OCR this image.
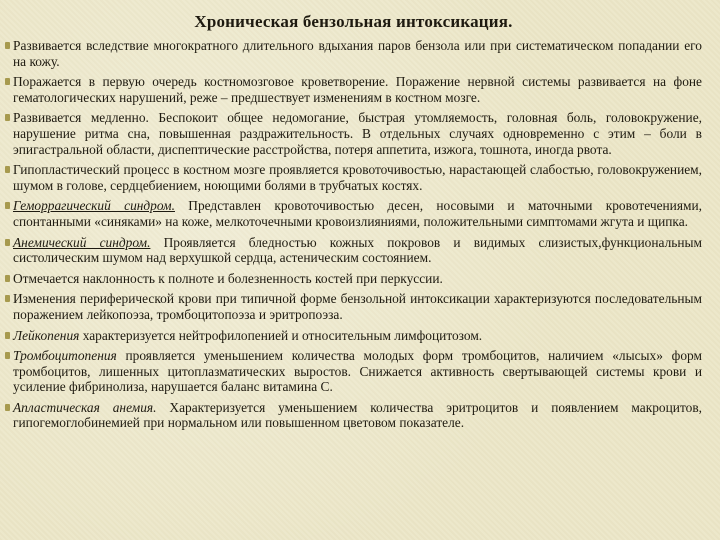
Хроническая бензольная интоксикация.
Развивается вследствие многократного длительного вдыхания паров бензола или при систематическом попадании его на кожу.
Поражается в первую очередь костномозговое кроветворение. Поражение нервной системы развивается на фоне гематологических нарушений, реже – предшествует изменениям в костном мозге.
Развивается медленно. Беспокоит общее недомогание, быстрая утомляемость, головная боль, головокружение, нарушение ритма сна, повышенная раздражительность. В отдельных случаях одновременно с этим – боли в эпигастральной области, диспептические расстройства, потеря аппетита, изжога, тошнота, иногда рвота.
Гипопластический процесс в костном мозге проявляется кровоточивостью, нарастающей слабостью, головокружением, шумом в голове, сердцебиением, ноющими болями в трубчатых костях.
Геморрагический синдром. Представлен кровоточивостью десен, носовыми и маточными кровотечениями, спонтанными «синяками» на коже, мелкоточечными кровоизлияниями, положительными симптомами жгута и щипка.
Анемический синдром. Проявляется бледностью кожных покровов и видимых слизистых,функциональным систолическим шумом над верхушкой сердца, астеническим состоянием.
Отмечается наклонность к полноте и болезненность костей при перкуссии.
Изменения периферической крови при типичной форме бензольной интоксикации характеризуются последовательным поражением лейкопоэза, тромбоцитопоэза и эритропоэза.
Лейкопения характеризуется нейтрофилопенией и относительным лимфоцитозом.
Тромбоцитопения проявляется уменьшением количества молодых форм тромбоцитов, наличием «лысых» форм тромбоцитов, лишенных цитоплазматических выростов. Снижается активность свертывающей системы крови и усиление фибринолиза, нарушается баланс витамина С.
Апластическая анемия. Характеризуется уменьшением количества эритроцитов и появлением макроцитов, гипогемоглобинемией при нормальном или повышенном цветовом показателе.
